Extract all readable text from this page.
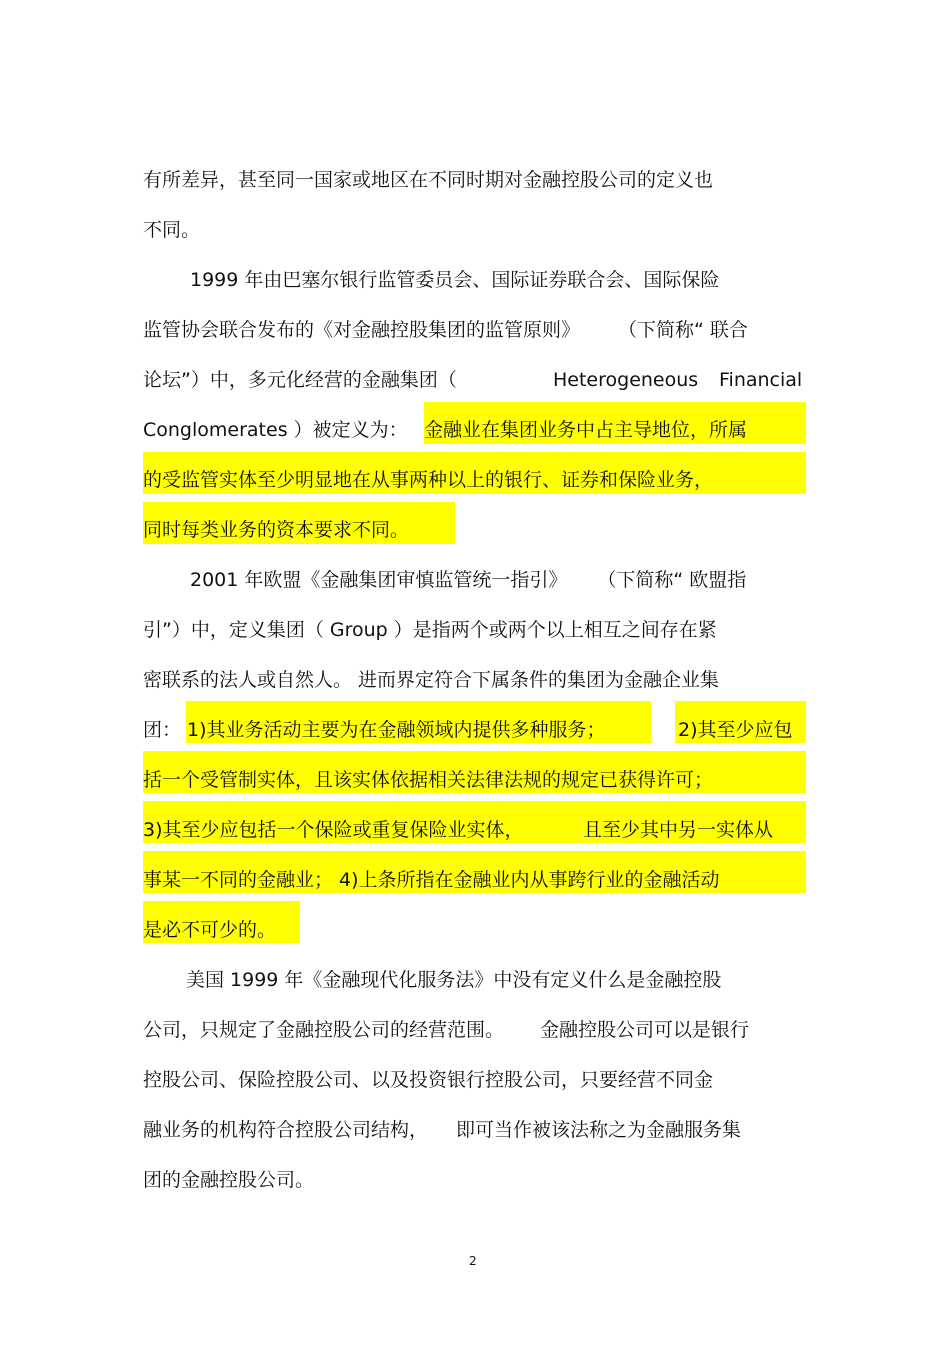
有所差异，甚至同一国家或地区在不同时期对金融控股公司的定义也
不同。
1999 年由巴塞尔银行监管委员会、国际证券联合会、国际保险
监管协会联合发布的《对金融控股集团的监管原则》 （下简称“ 联合
论坛”）中，多元化经营的金融集团（	Heterogeneous Financial
Conglomerates ）被定义为： 金融业在集团业务中占主导地位，所属
的受监管实体至少明显地在从事两种以上的银行、证券和保险业务，
同时每类业务的资本要求不同。
2001 年欧盟《金融集团审慎监管统一指引》 （下简称“ 欧盟指
引”）中，定义集团（ Group ）是指两个或两个以上相互之间存在紧
密联系的法人或自然人。 进而界定符合下属条件的集团为金融企业集
团： 1)其业务活动主要为在金融领域内提供多种服务；	2)其至少应包
括一个受管制实体，且该实体依据相关法律法规的规定已获得许可；
3)其至少应包括一个保险或重复保险业实体，	且至少其中另一实体从
事某一不同的金融业； 4)上条所指在金融业内从事跨行业的金融活动
是必不可少的。
美国 1999 年《金融现代化服务法》中没有定义什么是金融控股
公司，只规定了金融控股公司的经营范围。 金融控股公司可以是银行
控股公司、保险控股公司、以及投资银行控股公司，只要经营不同金
融业务的机构符合控股公司结构， 即可当作被该法称之为金融服务集
团的金融控股公司。
2
